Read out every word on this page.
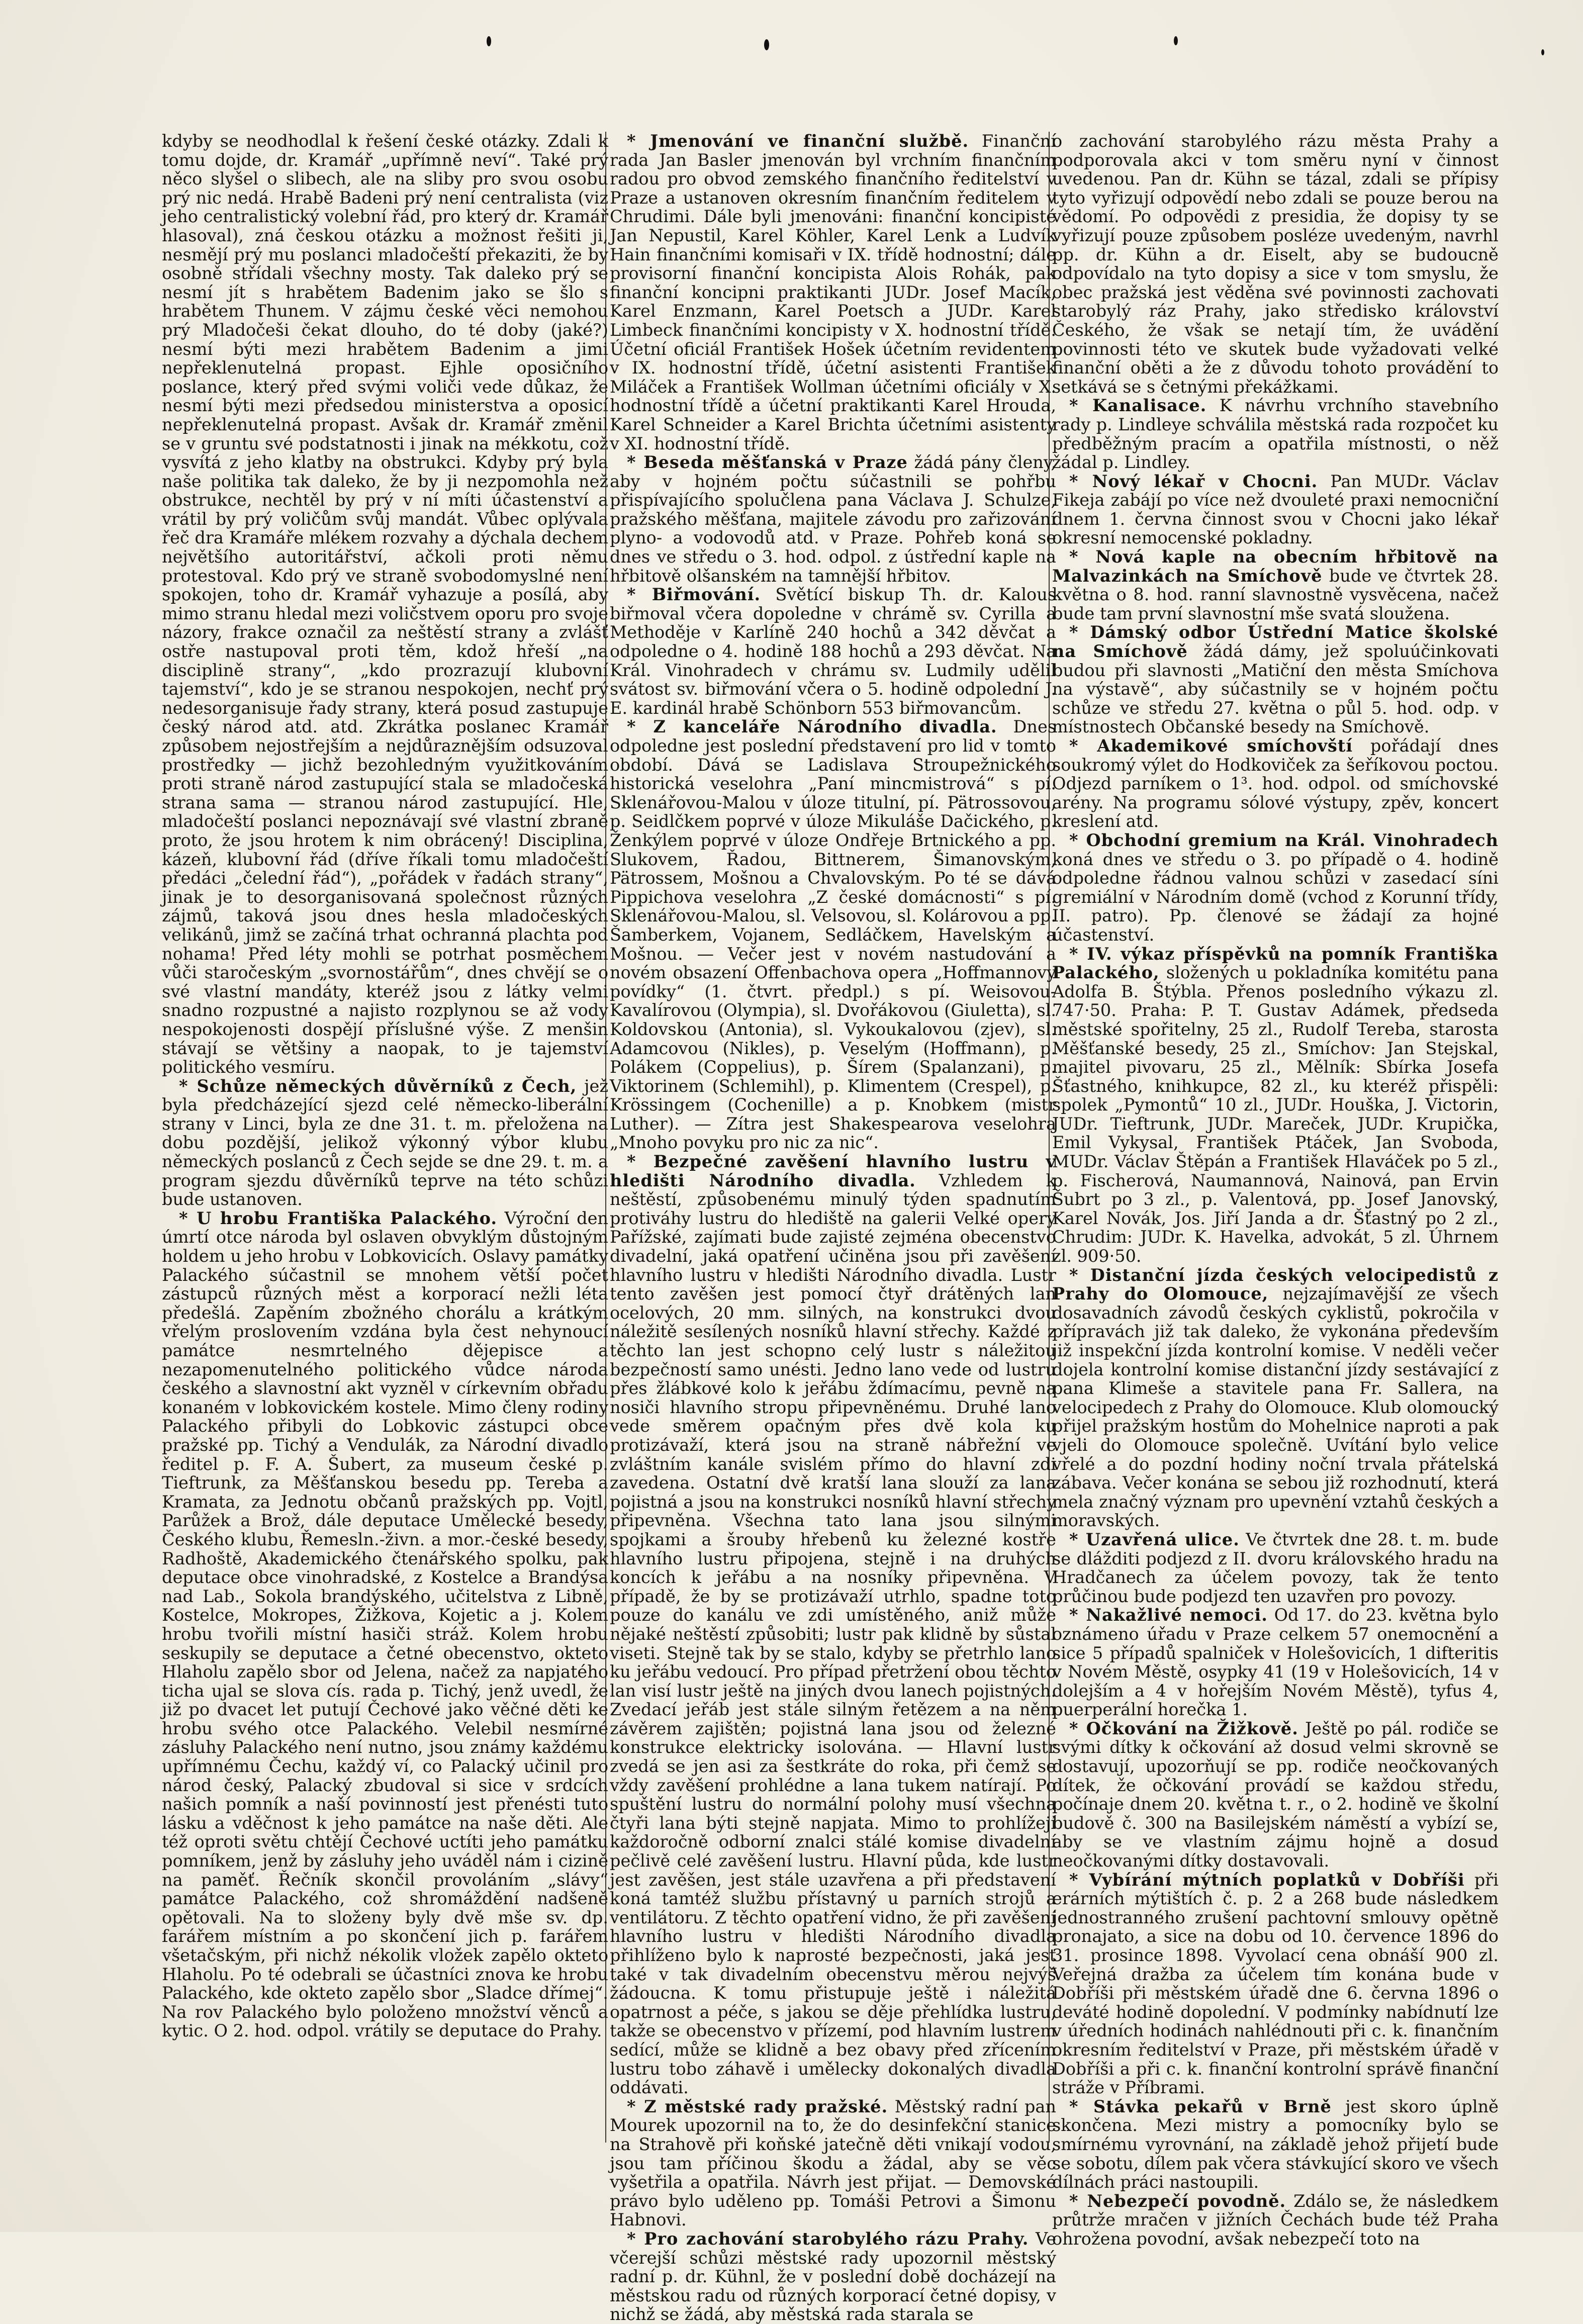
kdyby se neodhodlal k řešení české otázky. Zdali k tomu dojde, dr. Kramář „upřímně neví“. Také prý něco slyšel o slibech, ale na sliby pro svou osobu prý nic nedá. Hrabě Badeni prý není centralista (viz jeho centralistický volební řád, pro který dr. Kramář hlasoval), zná českou otázku a možnost řešiti ji, nesmějí prý mu poslanci mladočeští překaziti, že by osobně střídali všechny mosty. Tak daleko prý se nesmí jít s hrabětem Badenim jako se šlo s hrabětem Thunem. V zájmu české věci nemohou prý Mladočeši čekat dlouho, do té doby (jaké?) nesmí býti mezi hrabětem Badenim a jimi nepřeklenutelná propast. Ejhle oposičního poslance, který před svými voliči vede důkaz, že nesmí býti mezi předsedou ministerstva a oposicí nepřeklenutelná propast. Avšak dr. Kramář změnil se v gruntu své podstatnosti i jinak na mékkotu, což vysvítá z jeho klatby na obstrukci. Kdyby prý byla naše politika tak daleko, že by ji nezpomohla než obstrukce, nechtěl by prý v ní míti účastenství a vrátil by prý voličům svůj mandát. Vůbec oplývala řeč dra Kramáře mlékem rozvahy a dýchala dechem největšího autoritářství, ačkoli proti němu protestoval. Kdo prý ve straně svobodomyslné není spokojen, toho dr. Kramář vyhazuje a posílá, aby mimo stranu hledal mezi voličstvem oporu pro svoje názory, frakce označil za neštěstí strany a zvlášť ostře nastupoval proti těm, kdož hřeší „na disciplině strany“, „kdo prozrazují klubovní tajemství“, kdo je se stranou nespokojen, nechť prý nedesorganisuje řady strany, která posud zastupuje český národ atd. atd. Zkrátka poslanec Kramář způsobem nejostřejším a nejdůraznějším odsuzoval prostředky — jichž bezohledným využitkováním proti straně národ zastupující stala se mladočeská strana sama — stranou národ zastupující. Hle, mladočeští poslanci nepoznávají své vlastní zbraně proto, že jsou hrotem k nim obrácený! Disciplina, kázeň, klubovní řád (dříve říkali tomu mladočeští předáci „čelední řád“), „pořádek v řadách strany“, jinak je to desorganisovaná společnost různých zájmů, taková jsou dnes hesla mladočeských velikánů, jimž se začíná trhat ochranná plachta pod nohama! Před léty mohli se potrhat posměchem vůči staročeským „svornostářům“, dnes chvějí se o své vlastní mandáty, kteréž jsou z látky velmi snadno rozpustné a najisto rozplynou se až vody nespokojenosti dospějí příslušné výše. Z menšin stávají se většiny a naopak, to je tajemství politického vesmíru.

* Schůze německých důvěrníků z Čech, jež byla předcházející sjezd celé německo-liberální strany v Linci, byla ze dne 31. t. m. přeložena na dobu pozdější, jelikož výkonný výbor klubu německých poslanců z Čech sejde se dne 29. t. m. a program sjezdu důvěrníků teprve na této schůzi bude ustanoven.

* U hrobu Františka Palackého. Výroční den úmrtí otce národa byl oslaven obvyklým důstojným holdem u jeho hrobu v Lobkovicích. Oslavy památky Palackého súčastnil se mnohem větší počet zástupců různých měst a korporací nežli léta předešlá. Zapěním zbožného chorálu a krátkým vřelým proslovením vzdána byla čest nehynoucí památce nesmrtelného dějepisce a nezapomenutelného politického vůdce národa českého a slavnostní akt vyzněl v církevním obřadu konaném v lobkovickém kostele. Mimo členy rodiny Palackého přibyli do Lobkovic zástupci obce pražské pp. Tichý a Vendulák, za Národní divadlo ředitel p. F. A. Šubert, za museum české p. Tieftrunk, za Měšťanskou besedu pp. Tereba a Kramata, za Jednotu občanů pražských pp. Vojtl, Parůžek a Brož, dále deputace Umělecké besedy, Českého klubu, Řemesln.-živn. a mor.-české besedy, Radhoště, Akademického čtenářského spolku, pak deputace obce vinohradské, z Kostelce a Brandýsa nad Lab., Sokola brandýského, učitelstva z Libně, Kostelce, Mokropes, Žižkova, Kojetic a j. Kolem hrobu tvořili místní hasiči stráž. Kolem hrobu seskupily se deputace a četné obecenstvo, okteto Hlaholu zapělo sbor od Jelena, načež za napjatého ticha ujal se slova cís. rada p. Tichý, jenž uvedl, že již po dvacet let putují Čechové jako věčné děti ke hrobu svého otce Palackého. Velebil nesmírné zásluhy Palackého není nutno, jsou známy každému upřímnému Čechu, každý ví, co Palacký učinil pro národ český, Palacký zbudoval si sice v srdcích našich pomník a naší povinností jest přenésti tuto lásku a vděčnost k jeho památce na naše děti. Ale též oproti světu chtějí Čechové uctíti jeho památku pomníkem, jenž by zásluhy jeho uváděl nám i cizině na paměť. Řečník skončil provoláním „slávy“ památce Palackého, což shromáždění nadšeně opětovali. Na to složeny byly dvě mše sv. dp. farářem místním a po skončení jich p. farářem všetačským, při nichž nékolik vložek zapělo okteto Hlaholu. Po té odebrali se účastníci znova ke hrobu Palackého, kde okteto zapělo sbor „Sladce dřímej“. Na rov Palackého bylo položeno množství věnců a kytic. O 2. hod. odpol. vrátily se deputace do Prahy.

* Jmenování ve finanční službě. Finanční rada Jan Basler jmenován byl vrchním finančním radou pro obvod zemského finančního ředitelství v Praze a ustanoven okresním finančním ředitelem v Chrudimi. Dále byli jmenováni: finanční koncipisté Jan Nepustil, Karel Köhler, Karel Lenk a Ludvík Hain finančními komisaři v IX. třídě hodnostní; dále provisorní finanční koncipista Alois Rohák, pak finanční koncipni praktikanti JUDr. Josef Macík, Karel Enzmann, Karel Poetsch a JUDr. Karel Limbeck finančními koncipisty v X. hodnostní třídě. Účetní oficiál František Hošek účetním revidentem v IX. hodnostní třídě, účetní asistenti František Miláček a František Wollman účetními oficiály v X. hodnostní třídě a účetní praktikanti Karel Hrouda, Karel Schneider a Karel Brichta účetními asistenty v XI. hodnostní třídě.

* Beseda měšťanská v Praze žádá pány členy, aby v hojném počtu súčastnili se pohřbu přispívajícího spolučlena pana Václava J. Schulze, pražského měšťana, majitele závodu pro zařizování plyno- a vodovodů atd. v Praze. Pohřeb koná se dnes ve středu o 3. hod. odpol. z ústřední kaple na hřbitově olšanském na tamnější hřbitov.

* Biřmování. Světící biskup Th. dr. Kalous biřmoval včera dopoledne v chrámě sv. Cyrilla a Methoděje v Karlíně 240 hochů a 342 děvčat a odpoledne o 4. hodině 188 hochů a 293 děvčat. Na Král. Vinohradech v chrámu sv. Ludmily udělil svátost sv. biřmování včera o 5. hodině odpolední J. E. kardinál hrabě Schönborn 553 biřmovancům.

* Z kanceláře Národního divadla. Dnes odpoledne jest poslední představení pro lid v tomto období. Dává se Ladislava Stroupežnického historická veselohra „Paní mincmistrová“ s pí. Sklenářovou-Malou v úloze titulní, pí. Pätrossovou, p. Seidlčkem poprvé v úloze Mikuláše Dačického, p. Ženkýlem poprvé v úloze Ondřeje Brtnického a pp. Slukovem, Řadou, Bittnerem, Šimanovským, Pätrossem, Mošnou a Chvalovským. Po té se dává Pippichova veselohra „Z české domácnosti“ s pí. Sklenářovou-Malou, sl. Velsovou, sl. Kolárovou a pp. Šamberkem, Vojanem, Sedláčkem, Havelským a Mošnou. — Večer jest v novém nastudování a novém obsazení Offenbachova opera „Hoffmannovy povídky“ (1. čtvrt. předpl.) s pí. Weisovou-Kavalírovou (Olympia), sl. Dvořákovou (Giuletta), sl. Koldovskou (Antonia), sl. Vykoukalovou (zjev), sl. Adamcovou (Nikles), p. Veselým (Hoffmann), p. Polákem (Coppelius), p. Šírem (Spalanzani), p. Viktorinem (Schlemihl), p. Klimentem (Crespel), p. Krössingem (Cochenille) a p. Knobkem (mistr Luther). — Zítra jest Shakespearova veselohra „Mnoho povyku pro nic za nic“.

* Bezpečné zavěšení hlavního lustru v hledišti Národního divadla. Vzhledem k neštěstí, způsobenému minulý týden spadnutím protiváhy lustru do hlediště na galerii Velké opery Pařížské, zajímati bude zajisté zejména obecenstvo divadelní, jaká opatření učiněna jsou při zavěšení hlavního lustru v hledišti Národního divadla. Lustr tento zavěšen jest pomocí čtyř drátěných lan ocelových, 20 mm. silných, na konstrukci dvou náležitě sesílených nosníků hlavní střechy. Každé z těchto lan jest schopno celý lustr s náležitou bezpečností samo unésti. Jedno lano vede od lustru přes žlábkové kolo k jeřábu ždímacímu, pevně na nosiči hlavního stropu připevněnému. Druhé lano vede směrem opačným přes dvě kola ku protizávaží, která jsou na straně nábřežní ve zvláštním kanále svislém přímo do hlavní zdi zavedena. Ostatní dvě kratší lana slouží za lana pojistná a jsou na konstrukci nosníků hlavní střechy připevněna. Všechna tato lana jsou silnými spojkami a šrouby hřebenů ku železné kostře hlavního lustru připojena, stejně i na druhých koncích k jeřábu a na nosníky připevněna. V případě, že by se protizávaží utrhlo, spadne toto pouze do kanálu ve zdi umístěného, aniž může nějaké neštěstí způsobiti; lustr pak klidně by sůstal viseti. Stejně tak by se stalo, kdyby se přetrhlo lano ku jeřábu vedoucí. Pro případ přetržení obou těchto lan visí lustr ještě na jiných dvou lanech pojistných. Zvedací jeřáb jest stále silným řetězem a na něm závěrem zajištěn; pojistná lana jsou od železné konstrukce elektricky isolována. — Hlavní lustr zvedá se jen asi za šestkráte do roka, při čemž se vždy zavěšení prohlédne a lana tukem natírají. Po spuštění lustru do normální polohy musí všechna čtyři lana býti stejně napjata. Mimo to prohlížejí každoročně odborní znalci stálé komise divadelní pečlivě celé zavěšení lustru. Hlavní půda, kde lustr jest zavěšen, jest stále uzavřena a při představení koná tamtéž službu přístavný u parních strojů a ventilátoru. Z těchto opatření vidno, že při zavěšení hlavního lustru v hledišti Národního divadla přihlíženo bylo k naprosté bezpečnosti, jaká jest také v tak divadelním obecenstvu měrou nejvýš žádoucna. K tomu přistupuje ještě i náležitá opatrnost a péče, s jakou se děje přehlídka lustru, takže se obecenstvo v přízemí, pod hlavním lustrem sedící, může se klidně a bez obavy před zřícením lustru tobo záhavě i umělecky dokonalých divadla oddávati.

* Z městské rady pražské. Městský radní pan Mourek upozornil na to, že do desinfekční stanice na Strahově při koňské jatečně děti vnikají vodou, jsou tam příčinou škodu a žádal, aby se věc vyšetřila a opatřila. Návrh jest přijat. — Demovské právo bylo uděleno pp. Tomáši Petrovi a Šimonu Habnovi.

* Pro zachování starobylého rázu Prahy. Ve včerejší schůzi městské rady upozornil městský radní p. dr. Kühnl, že v poslední době docházejí na městskou radu od různých korporací četné dopisy, v nichž se žádá, aby městská rada starala se

o zachování starobylého rázu města Prahy a podporovala akci v tom směru nyní v činnost uvedenou. Pan dr. Kühn se tázal, zdali se přípisy tyto vyřizují odpovědí nebo zdali se pouze berou na vědomí. Po odpovědi z presidia, že dopisy ty se vyřizují pouze způsobem posléze uvedeným, navrhl pp. dr. Kühn a dr. Eiselt, aby se budoucně odpovídalo na tyto dopisy a sice v tom smyslu, že obec pražská jest věděna své povinnosti zachovati starobylý ráz Prahy, jako středisko království Českého, že však se netají tím, že uvádění povinnosti této ve skutek bude vyžadovati velké finanční oběti a že z důvodu tohoto provádění to setkává se s četnými překážkami.

* Kanalisace. K návrhu vrchního stavebního rady p. Lindleye schválila městská rada rozpočet ku předběžným pracím a opatřila místnosti, o něž žádal p. Lindley.

* Nový lékař v Chocni. Pan MUDr. Václav Fikeja zabájí po více než dvouleté praxi nemocniční dnem 1. června činnost svou v Chocni jako lékař okresní nemocenské pokladny.

* Nová kaple na obecním hřbitově na Malvazinkách na Smíchově bude ve čtvrtek 28. května o 8. hod. ranní slavnostně vysvěcena, načež bude tam první slavnostní mše svatá sloužena.

* Dámský odbor Ústřední Matice školské na Smíchově žádá dámy, jež spoluúčinkovati budou při slavnosti „Matiční den města Smíchova na výstavě“, aby súčastnily se v hojném počtu schůze ve středu 27. května o půl 5. hod. odp. v místnostech Občanské besedy na Smíchově.

* Akademikové smíchovští pořádají dnes soukromý výlet do Hodkoviček za šeříkovou poctou. Odjezd parníkem o 1³. hod. odpol. od smíchovské arény. Na programu sólové výstupy, zpěv, koncert kreslení atd.

* Obchodní gremium na Král. Vinohradech koná dnes ve středu o 3. po případě o 4. hodině odpoledne řádnou valnou schůzi v zasedací síni gremiální v Národním domě (vchod z Korunní třídy, II. patro). Pp. členové se žádají za hojné účastenství.

* IV. výkaz příspěvků na pomník Františka Palackého, složených u pokladníka komitétu pana Adolfa B. Štýbla. Přenos posledního výkazu zl. 747·50. Praha: P. T. Gustav Adámek, předseda městské spořitelny, 25 zl., Rudolf Tereba, starosta Měšťanské besedy, 25 zl., Smíchov: Jan Stejskal, majitel pivovaru, 25 zl., Mělník: Sbírka Josefa Šťastného, knihkupce, 82 zl., ku kteréž přispěli: spolek „Pymontů“ 10 zl., JUDr. Houška, J. Victorin, JUDr. Tieftrunk, JUDr. Mareček, JUDr. Krupička, Emil Vykysal, František Ptáček, Jan Svoboda, MUDr. Václav Štěpán a František Hlaváček po 5 zl., p. Fischerová, Naumannová, Nainová, pan Ervin Šubrt po 3 zl., p. Valentová, pp. Josef Janovský, Karel Novák, Jos. Jiří Janda a dr. Šťastný po 2 zl., Chrudim: JUDr. K. Havelka, advokát, 5 zl. Úhrnem zl. 909·50.

* Distanční jízda českých velocipedistů z Prahy do Olomouce, nejzajímavější ze všech dosavadních závodů českých cyklistů, pokročila v přípravách již tak daleko, že vykonána především již inspekční jízda kontrolní komise. V neděli večer dojela kontrolní komise distanční jízdy sestávající z pana Klimeše a stavitele pana Fr. Sallera, na velocipedech z Prahy do Olomouce. Klub olomoucký přijel pražským hostům do Mohelnice naproti a pak vjeli do Olomouce společně. Uvítání bylo velice vřelé a do pozdní hodiny noční trvala přátelská zábava. Večer konána se sebou již rozhodnutí, která mela značný význam pro upevnění vztahů českých a moravských.

* Uzavřená ulice. Ve čtvrtek dne 28. t. m. bude se dlážditi podjezd z II. dvoru královského hradu na Hradčanech za účelem povozy, tak že tento průčinou bude podjezd ten uzavřen pro povozy.

* Nakažlivé nemoci. Od 17. do 23. května bylo oznámeno úřadu v Praze celkem 57 onemocnění a sice 5 případů spalniček v Holešovicích, 1 difteritis v Novém Městě, osypky 41 (19 v Holešovicích, 14 v dolejším a 4 v hořejším Novém Městě), tyfus 4, puerperální horečka 1.

* Očkování na Žižkově. Ještě po pál. rodiče se svými dítky k očkování až dosud velmi skrovně se dostavují, upozorňují se pp. rodiče neočkovaných dítek, že očkování provádí se každou středu, počínaje dnem 20. května t. r., o 2. hodině ve školní budově č. 300 na Basilejském náměstí a vybízí se, aby se ve vlastním zájmu hojně a dosud neočkovanými dítky dostavovali.

* Vybírání mýtních poplatků v Dobříši při erárních mýtištích č. p. 2 a 268 bude následkem jednostranného zrušení pachtovní smlouvy opětně pronajato, a sice na dobu od 10. července 1896 do 31. prosince 1898. Vyvolací cena obnáší 900 zl. Veřejná dražba za účelem tím konána bude v Dobříši při městském úřadě dne 6. června 1896 o deváté hodině dopolední. V podmínky nabídnutí lze v úředních hodinách nahlédnouti při c. k. finančním okresním ředitelství v Praze, při městském úřadě v Dobříši a při c. k. finanční kontrolní správě finanční stráže v Příbrami.

* Stávka pekařů v Brně jest skoro úplně skončena. Mezi mistry a pomocníky bylo se smírnému vyrovnání, na základě jehož přijetí bude se sobotu, dílem pak včera stávkující skoro ve všech dílnách práci nastoupili.

* Nebezpečí povodně. Zdálo se, že následkem průtrže mračen v jižních Čechách bude též Praha ohrožena povodní, avšak nebezpečí toto na
